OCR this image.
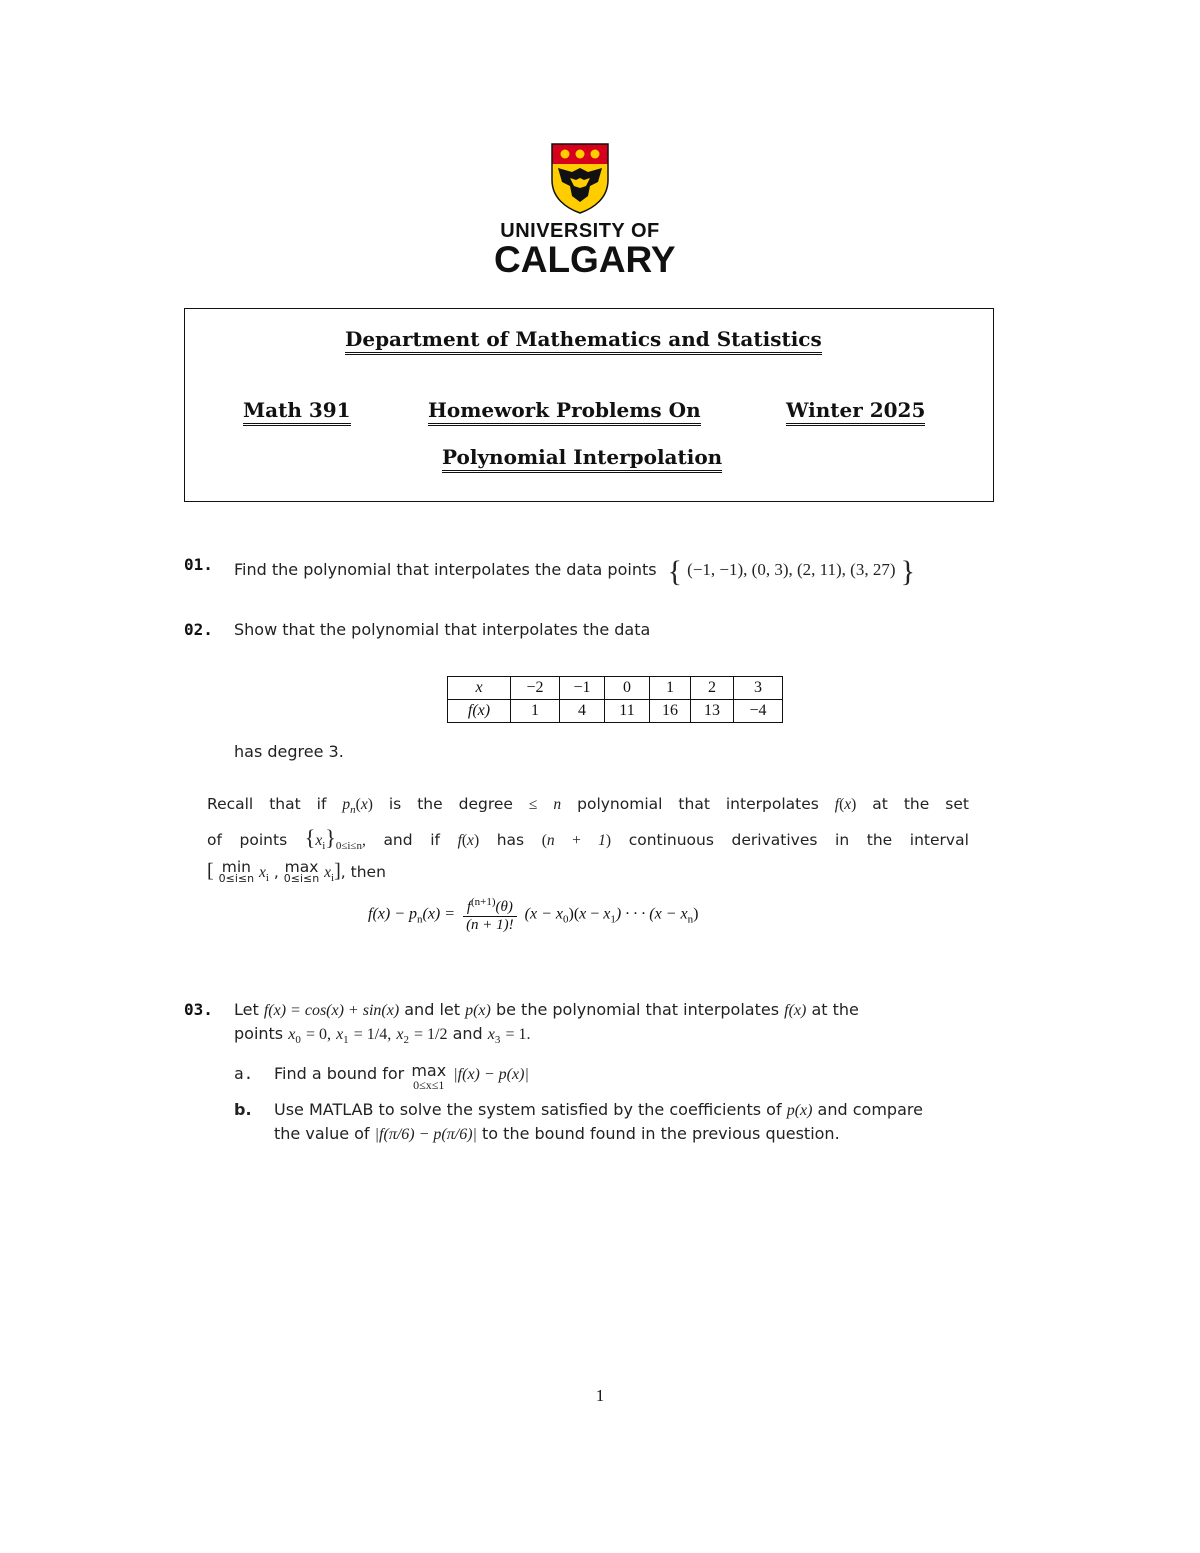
UNIVERSITY OF
CALGARY
Department of Mathematics and Statistics
Math 391	Homework Problems On	Winter 2025
Polynomial Interpolation
01. Find the polynomial that interpolates the data points { (−1, −1), (0, 3), (2, 11), (3, 27) }
02. Show that the polynomial that interpolates the data
x	−2	−1	0	1	2	3
f(x)	1	4	11	16	13	−4
has degree 3.
Recall that if $p_n(x)$ is the degree ≤ n polynomial that interpolates f(x) at the set
of points $\{x_i\}_{0\le i\le n}$, and if f(x) has (n + 1) continuous derivatives in the interval
[ min
0≤i≤n $x_i$ , max
0≤i≤n $x_i$], then
$f(x) - p_n(x) = \frac{f^{(n+1)}(\theta)}{(n + 1)!} (x - x_0)(x - x_1)$ · · · $(x - x_n)$
03. Let f(x) = cos(x) + sin(x) and let p(x) be the polynomial that interpolates f(x) at the
points $x_0 = 0$, $x_1 = 1/4$, $x_2 = 1/2$ and $x_3 = 1$.
a. Find a bound for max
0≤x≤1
|f(x) − p(x)|
b. Use MATLAB to solve the system satisfied by the coefficients of p(x) and compare
the value of |f(π/6) − p(π/6)| to the bound found in the previous question.
1
